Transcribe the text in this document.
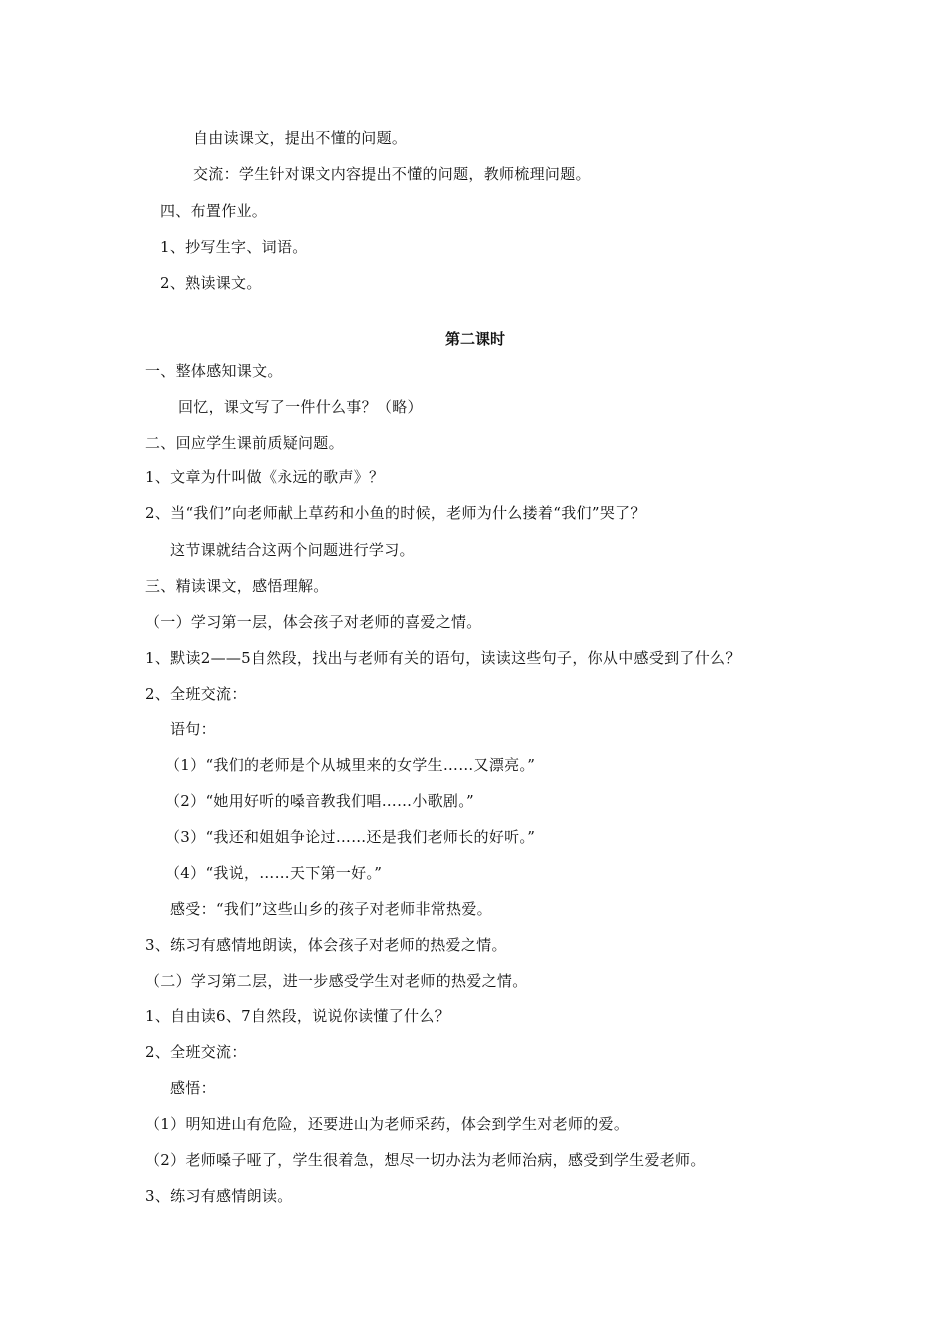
自由读课文，提出不懂的问题。
交流：学生针对课文内容提出不懂的问题，教师梳理问题。
四、布置作业。
1、抄写生字、词语。
2、熟读课文。
第二课时
一、整体感知课文。
回忆，课文写了一件什么事？（略）
二、回应学生课前质疑问题。
1、文章为什叫做《永远的歌声》？
2、当“我们”向老师献上草药和小鱼的时候，老师为什么搂着“我们”哭了？
这节课就结合这两个问题进行学习。
三、精读课文，感悟理解。
（一）学习第一层，体会孩子对老师的喜爱之情。
1、默读2——5自然段，找出与老师有关的语句，读读这些句子，你从中感受到了什么？
2、全班交流：
语句：
（1）“我们的老师是个从城里来的女学生……又漂亮。”
（2）“她用好听的嗓音教我们唱……小歌剧。”
（3）“我还和姐姐争论过……还是我们老师长的好听。”
（4）“我说，……天下第一好。”
感受：“我们”这些山乡的孩子对老师非常热爱。
3、练习有感情地朗读，体会孩子对老师的热爱之情。
（二）学习第二层，进一步感受学生对老师的热爱之情。
1、自由读6、7自然段，说说你读懂了什么？
2、全班交流：
感悟：
（1）明知进山有危险，还要进山为老师采药，体会到学生对老师的爱。
（2）老师嗓子哑了，学生很着急，想尽一切办法为老师治病，感受到学生爱老师。
3、练习有感情朗读。
